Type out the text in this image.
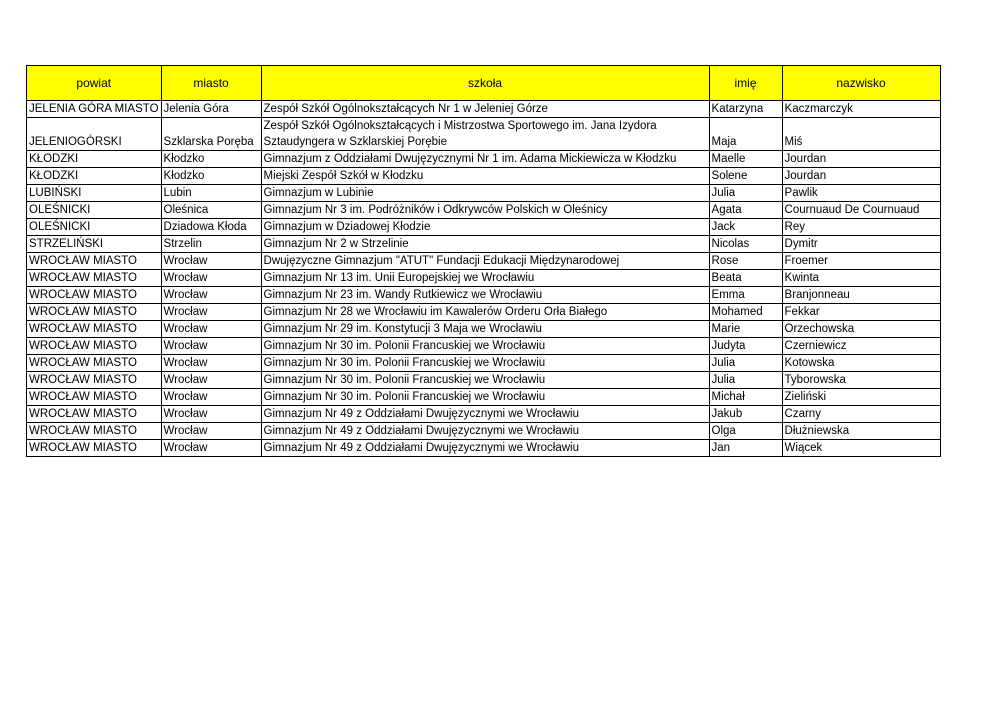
powiat	miasto	szkoła	imię	nazwisko
JELENIA GÓRA MIASTO	Jelenia Góra	Zespół Szkół Ogólnokształcących Nr 1 w Jeleniej Górze	Katarzyna	Kaczmarczyk
JELENIOGÓRSKI	Szklarska Poręba	Zespół Szkół Ogólnokształcących i Mistrzostwa Sportowego im. Jana Izydora Sztaudyngera w Szklarskiej Porębie	Maja	Miś
KŁODZKI	Kłodzko	Gimnazjum z Oddziałami Dwujęzycznymi Nr 1 im. Adama Mickiewicza w Kłodzku	Maelle	Jourdan
KŁODZKI	Kłodzko	Miejski Zespół Szkół w Kłodzku	Solene	Jourdan
LUBIŃSKI	Lubin	Gimnazjum w Lubinie	Julia	Pawlik
OLEŚNICKI	Oleśnica	Gimnazjum Nr 3 im. Podróżników i Odkrywców Polskich w Oleśnicy	Agata	Cournuaud De Cournuaud
OLEŚNICKI	Dziadowa Kłoda	Gimnazjum w Dziadowej Kłodzie	Jack	Rey
STRZELIŃSKI	Strzelin	Gimnazjum Nr 2 w Strzelinie	Nicolas	Dymitr
WROCŁAW MIASTO	Wrocław	Dwujęzyczne Gimnazjum "ATUT" Fundacji Edukacji Międzynarodowej	Rose	Froemer
WROCŁAW MIASTO	Wrocław	Gimnazjum Nr 13 im. Unii Europejskiej we Wrocławiu	Beata	Kwinta
WROCŁAW MIASTO	Wrocław	Gimnazjum Nr 23 im. Wandy Rutkiewicz we Wrocławiu	Emma	Branjonneau
WROCŁAW MIASTO	Wrocław	Gimnazjum Nr 28 we Wrocławiu im Kawalerów Orderu Orła Białego	Mohamed	Fekkar
WROCŁAW MIASTO	Wrocław	Gimnazjum Nr 29 im. Konstytucji 3 Maja we Wrocławiu	Marie	Orzechowska
WROCŁAW MIASTO	Wrocław	Gimnazjum Nr 30 im. Polonii Francuskiej we Wrocławiu	Judyta	Czerniewicz
WROCŁAW MIASTO	Wrocław	Gimnazjum Nr 30 im. Polonii Francuskiej we Wrocławiu	Julia	Kotowska
WROCŁAW MIASTO	Wrocław	Gimnazjum Nr 30 im. Polonii Francuskiej we Wrocławiu	Julia	Tyborowska
WROCŁAW MIASTO	Wrocław	Gimnazjum Nr 30 im. Polonii Francuskiej we Wrocławiu	Michał	Zieliński
WROCŁAW MIASTO	Wrocław	Gimnazjum Nr 49 z Oddziałami Dwujęzycznymi we Wrocławiu	Jakub	Czarny
WROCŁAW MIASTO	Wrocław	Gimnazjum Nr 49 z Oddziałami Dwujęzycznymi we Wrocławiu	Olga	Dłużniewska
WROCŁAW MIASTO	Wrocław	Gimnazjum Nr 49 z Oddziałami Dwujęzycznymi we Wrocławiu	Jan	Wiącek
